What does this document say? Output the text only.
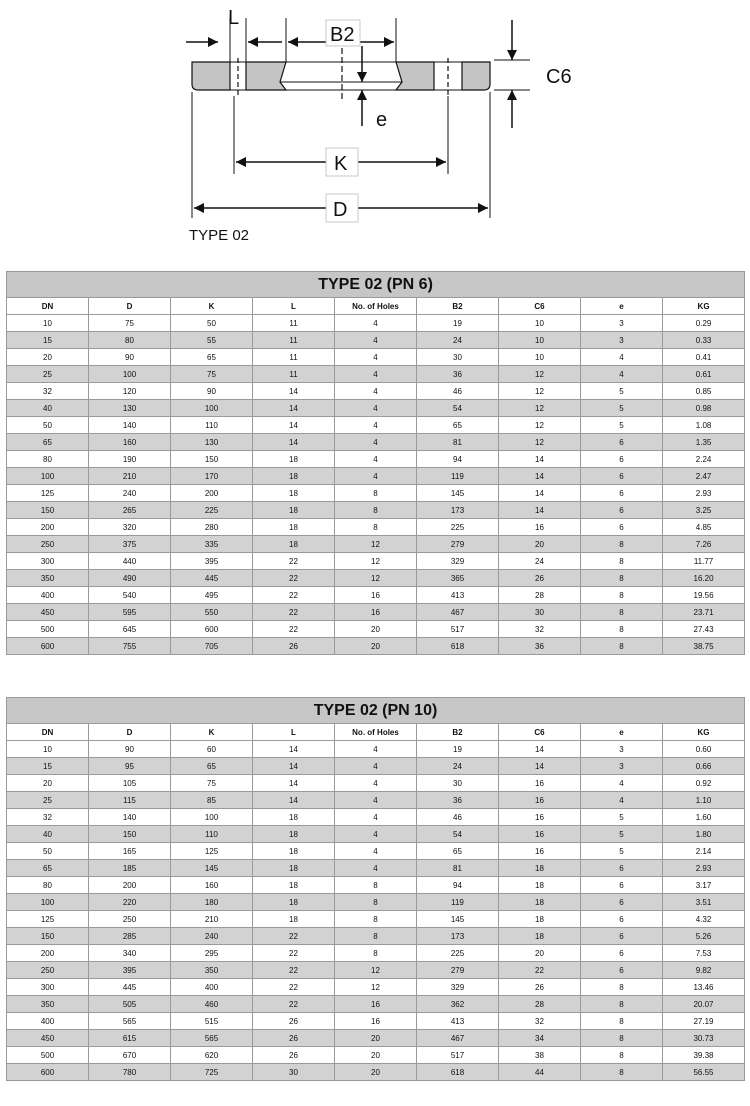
L
B2
e
C6
K
D
TYPE 02
TYPE 02 (PN 6)								
DN	D	K	L	No. of Holes	B2	C6	e	KG
10	75	50	11	4	19	10	3	0.29
15	80	55	11	4	24	10	3	0.33
20	90	65	11	4	30	10	4	0.41
25	100	75	11	4	36	12	4	0.61
32	120	90	14	4	46	12	5	0.85
40	130	100	14	4	54	12	5	0.98
50	140	110	14	4	65	12	5	1.08
65	160	130	14	4	81	12	6	1.35
80	190	150	18	4	94	14	6	2.24
100	210	170	18	4	119	14	6	2.47
125	240	200	18	8	145	14	6	2.93
150	265	225	18	8	173	14	6	3.25
200	320	280	18	8	225	16	6	4.85
250	375	335	18	12	279	20	8	7.26
300	440	395	22	12	329	24	8	11.77
350	490	445	22	12	365	26	8	16.20
400	540	495	22	16	413	28	8	19.56
450	595	550	22	16	467	30	8	23.71
500	645	600	22	20	517	32	8	27.43
600	755	705	26	20	618	36	8	38.75
TYPE 02 (PN 10)								
DN	D	K	L	No. of Holes	B2	C6	e	KG
10	90	60	14	4	19	14	3	0.60
15	95	65	14	4	24	14	3	0.66
20	105	75	14	4	30	16	4	0.92
25	115	85	14	4	36	16	4	1.10
32	140	100	18	4	46	16	5	1.60
40	150	110	18	4	54	16	5	1.80
50	165	125	18	4	65	16	5	2.14
65	185	145	18	4	81	18	6	2.93
80	200	160	18	8	94	18	6	3.17
100	220	180	18	8	119	18	6	3.51
125	250	210	18	8	145	18	6	4.32
150	285	240	22	8	173	18	6	5.26
200	340	295	22	8	225	20	6	7.53
250	395	350	22	12	279	22	6	9.82
300	445	400	22	12	329	26	8	13.46
350	505	460	22	16	362	28	8	20.07
400	565	515	26	16	413	32	8	27.19
450	615	565	26	20	467	34	8	30.73
500	670	620	26	20	517	38	8	39.38
600	780	725	30	20	618	44	8	56.55
